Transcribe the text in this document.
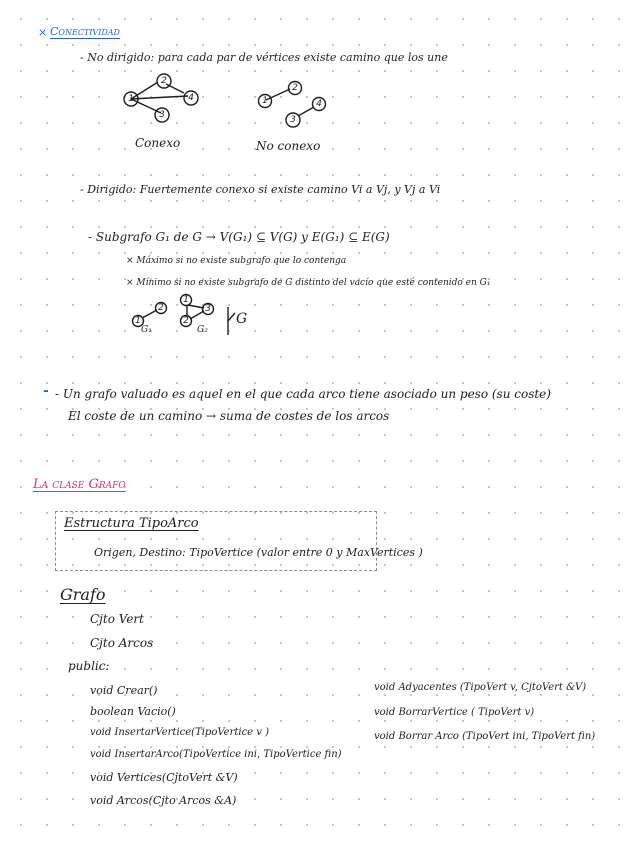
× Conectividad
- No dirigido: para cada par de vértices existe camino que los une
1
2
3
4	1
2
3
4
Conexo	No conexo
- Dirigido: Fuertemente conexo si existe camino Vi a Vj, y Vj a Vi
- Subgrafo G₁ de G → V(G₁) ⊆ V(G) y E(G₁) ⊆ E(G)
× Máximo si no existe subgrafo que lo contenga
× Mínimo si no existe subgrafo de G distinto del vacío que esté contenido en G₁
1
2
G₁
1
3
2
G₂
G
- - Un grafo valuado es aquel en el que cada arco tiene asociado un peso (su coste)
El coste de un camino → suma de costes de los arcos
La clase Grafo
Estructura TipoArco
Origen, Destino: TipoVertice (valor entre 0 y MaxVertices )
Grafo
Cjto Vert
Cjto Arcos
public:
void Crear()
boolean Vacio()
void InsertarVertice(TipoVertice v )
void InsertarArco(TipoVertice ini, TipoVertice fin)
void Vertices(CjtoVert &V)
void Arcos(Cjto Arcos &A)
void Adyacentes (TipoVert v, CjtoVert &V)
void BorrarVertice ( TipoVert v)
void Borrar Arco (TipoVert ini, TipoVert fin)
